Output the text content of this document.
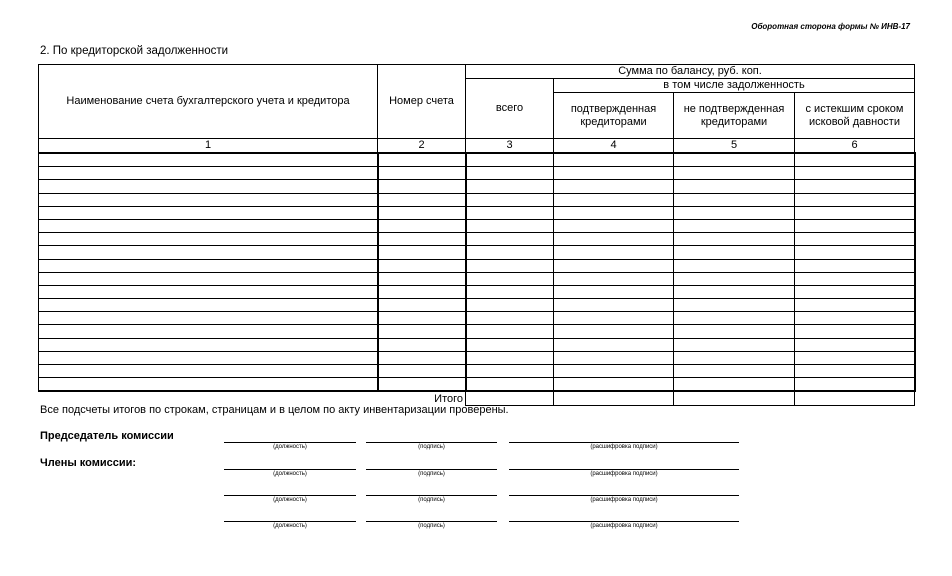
Оборотная сторона формы № ИНВ-17
2. По кредиторской задолженности
Наименование счета бухгалтерского учета и кредитора	Номер счета	Сумма по балансу, руб. коп.			
		всего	в том числе задолженность		
			подтвержденная кредиторами	не подтвержденная кредиторами	с истекшим сроком исковой давности
1	2	3	4	5	6

Итого					
Все подсчеты итогов по строкам, страницам и в целом по акту инвентаризации проверены.
Председатель комиссии
Члены комиссии:
(должность)	(подпись)	(расшифровка подписи)
(должность)	(подпись)	(расшифровка подписи)
(должность)	(подпись)	(расшифровка подписи)
(должность)	(подпись)	(расшифровка подписи)
